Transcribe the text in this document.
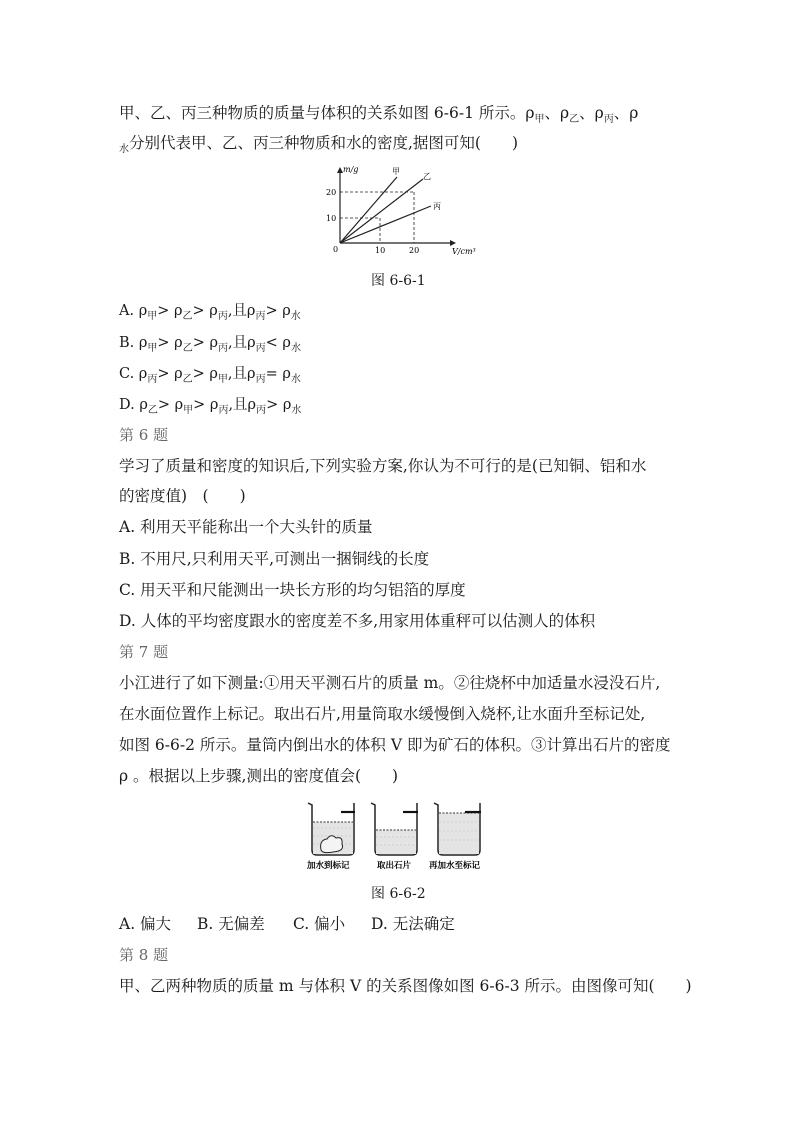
甲、乙、丙三种物质的质量与体积的关系如图 6-6-1 所示。$\rho_甲$、$\rho_乙$、$\rho_丙$、ρ
$_水$分别代表甲、乙、丙三种物质和水的密度,据图可知(　　)
m/g
V/cm³
20
10
0	10	20
甲
乙
丙
图 6-6-1
A. $\rho_甲> \rho_乙> \rho_丙$,且$\rho_丙> \rho_水$
B. $\rho_甲> \rho_乙> \rho_丙$,且$\rho_丙< \rho_水$
C. $\rho_丙> \rho_乙> \rho_甲$,且$\rho_丙= \rho_水$
D. $\rho_乙> \rho_甲> \rho_丙$,且$\rho_丙> \rho_水$
第 6 题
学习了质量和密度的知识后,下列实验方案,你认为不可行的是(已知铜、铝和水
的密度值)　(　　)
A. 利用天平能称出一个大头针的质量
B. 不用尺,只利用天平,可测出一捆铜线的长度
C. 用天平和尺能测出一块长方形的均匀铝箔的厚度
D. 人体的平均密度跟水的密度差不多,用家用体重秤可以估测人的体积
第 7 题
小江进行了如下测量:①用天平测石片的质量 m。②往烧杯中加适量水浸没石片,
在水面位置作上标记。取出石片,用量筒取水缓慢倒入烧杯,让水面升至标记处,
如图 6-6-2 所示。量筒内倒出水的体积 V 即为矿石的体积。③计算出石片的密度
ρ 。根据以上步骤,测出的密度值会(　　)
加水到标记	取出石片 再加水至标记
图 6-6-2
A. 偏大 B. 无偏差 C. 偏小 D. 无法确定
第 8 题
甲、乙两种物质的质量 m 与体积 V 的关系图像如图 6-6-3 所示。由图像可知(　　)
